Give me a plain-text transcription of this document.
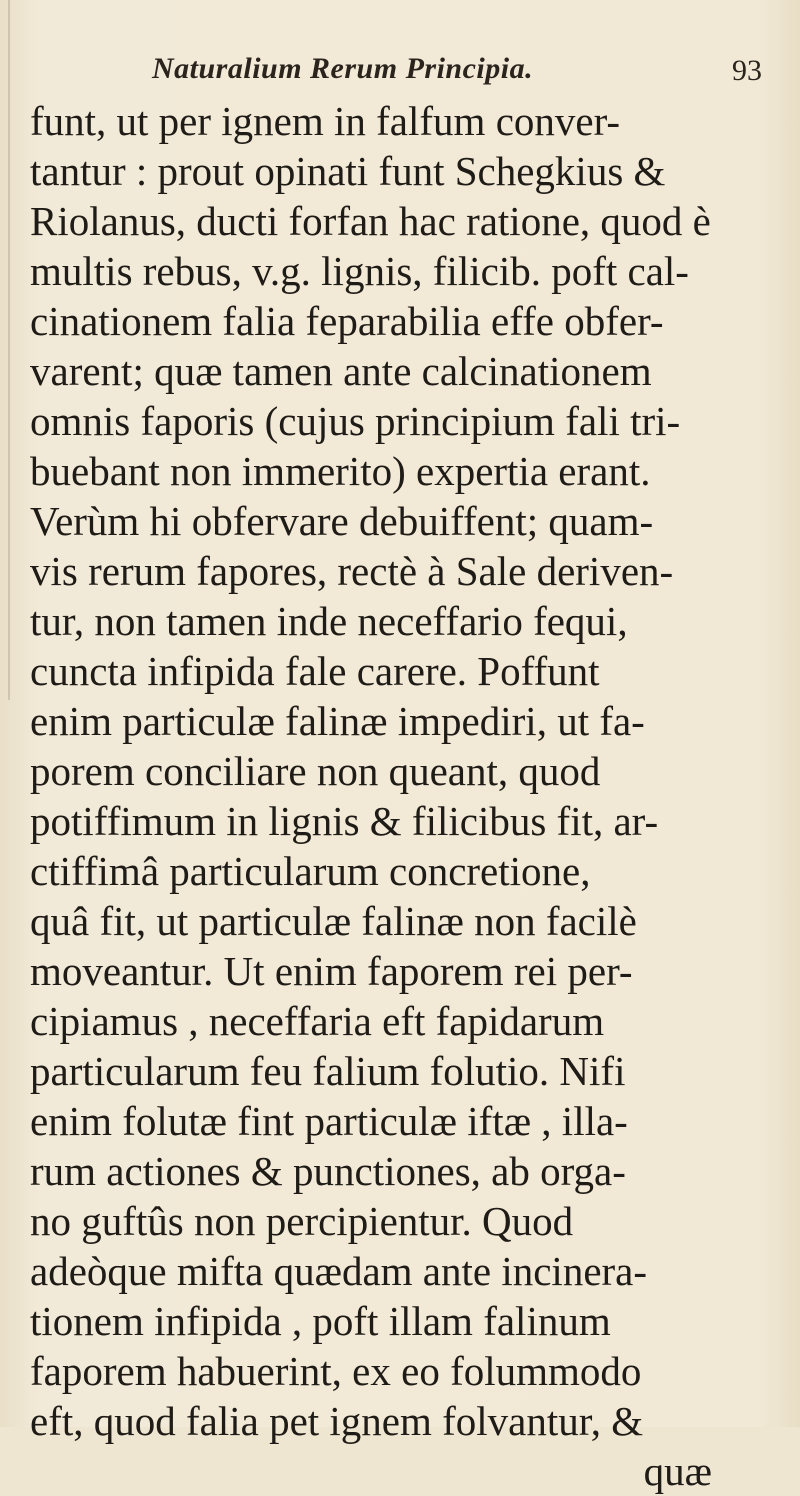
Naturalium Rerum Principia.	93
funt, ut per ignem in falfum conver-
tantur : prout opinati funt Schegkius &
Riolanus, ducti forfan hac ratione, quod è
multis rebus, v.g. lignis, filicib. poft cal-
cinationem falia feparabilia effe obfer-
varent; quæ tamen ante calcinationem
omnis faporis (cujus principium fali tri-
buebant non immerito) expertia erant.
Verùm hi obfervare debuiffent; quam-
vis rerum fapores, rectè à Sale deriven-
tur, non tamen inde neceffario fequi,
cuncta infipida fale carere. Poffunt
enim particulæ falinæ impediri, ut fa-
porem conciliare non queant, quod
potiffimum in lignis & filicibus fit, ar-
ctiffimâ particularum concretione,
quâ fit, ut particulæ falinæ non facilè
moveantur. Ut enim faporem rei per-
cipiamus , neceffaria eft fapidarum
particularum feu falium folutio. Nifi
enim folutæ fint particulæ iftæ , illa-
rum actiones & punctiones, ab orga-
no guftûs non percipientur. Quod
adeòque mifta quædam ante incinera-
tionem infipida , poft illam falinum
faporem habuerint, ex eo folummodo
eft, quod falia pet ignem folvantur, &
quæ
